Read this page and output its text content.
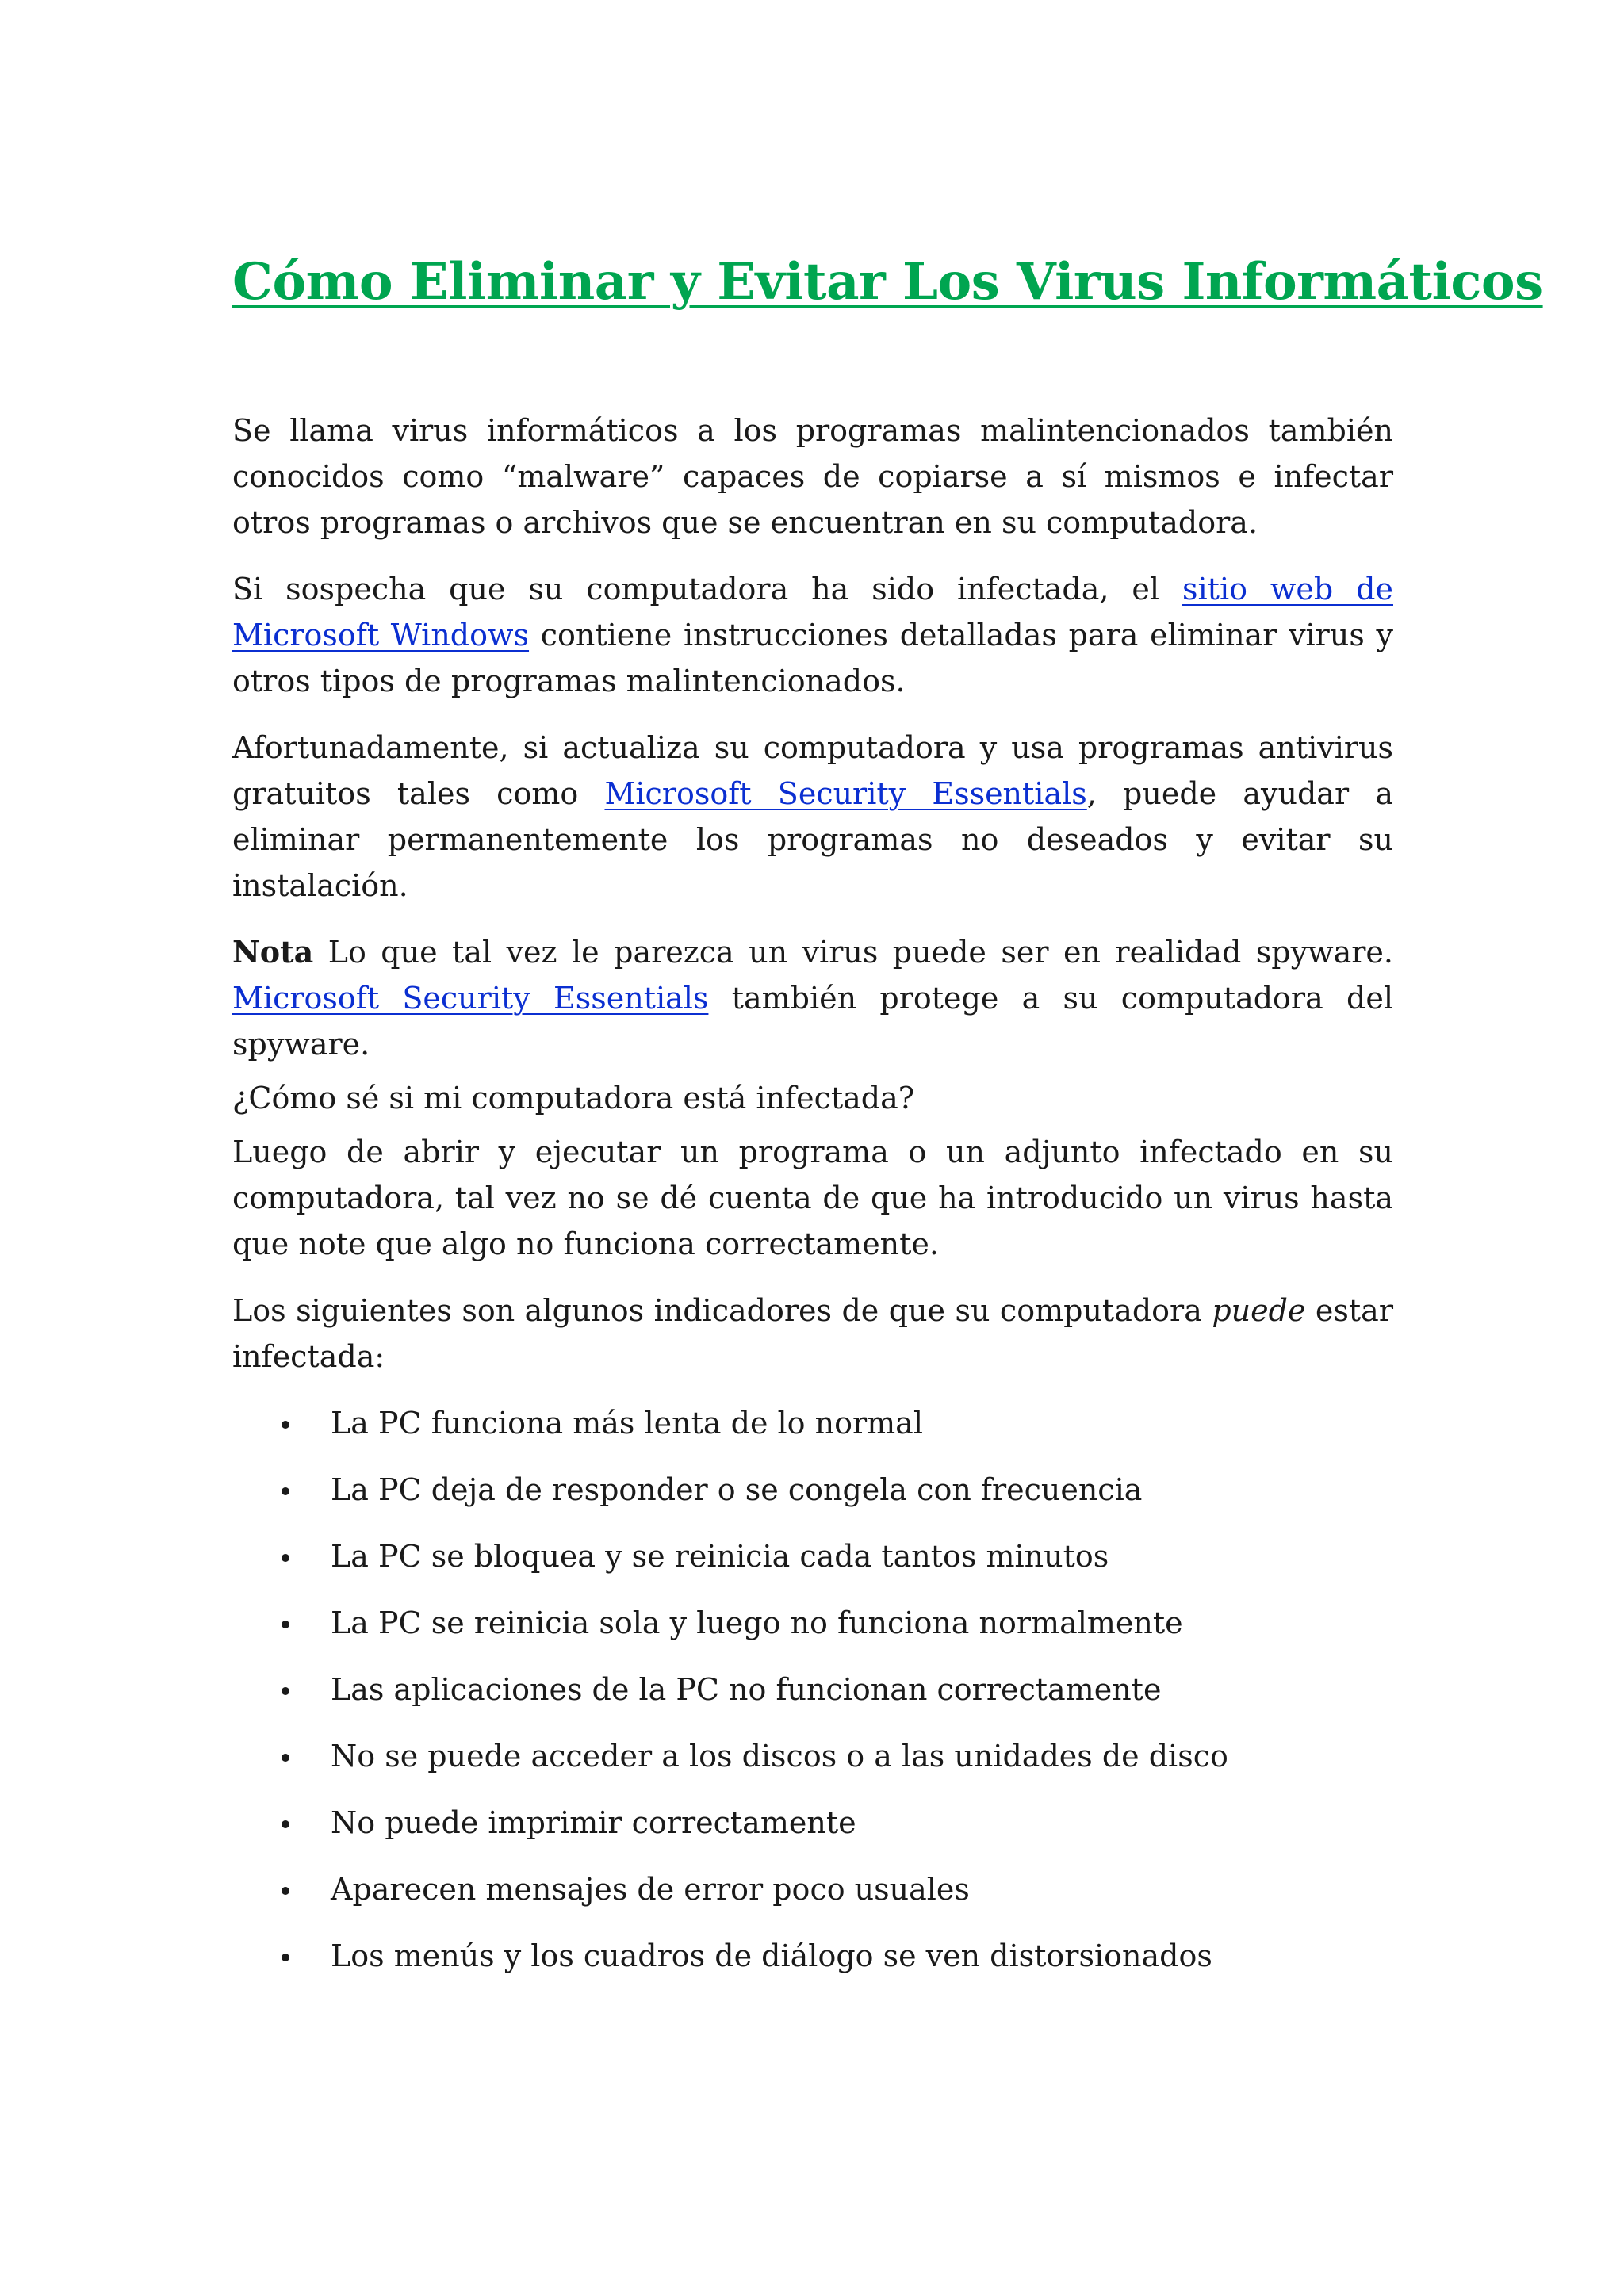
Cómo Eliminar y Evitar Los Virus Informáticos

Se llama virus informáticos a los programas malintencionados también conocidos como “malware” capaces de copiarse a sí mismos e infectar otros programas o archivos que se encuentran en su computadora.

Si sospecha que su computadora ha sido infectada, el sitio web de Microsoft Windows contiene instrucciones detalladas para eliminar virus y otros tipos de programas malintencionados.

Afortunadamente, si actualiza su computadora y usa programas antivirus gratuitos tales como Microsoft Security Essentials, puede ayudar a eliminar permanentemente los programas no deseados y evitar su instalación.

Nota Lo que tal vez le parezca un virus puede ser en realidad spyware. Microsoft Security Essentials también protege a su computadora del spyware.

¿Cómo sé si mi computadora está infectada?

Luego de abrir y ejecutar un programa o un adjunto infectado en su computadora, tal vez no se dé cuenta de que ha introducido un virus hasta que note que algo no funciona correctamente.

Los siguientes son algunos indicadores de que su computadora puede estar infectada:

La PC funciona más lenta de lo normal
La PC deja de responder o se congela con frecuencia
La PC se bloquea y se reinicia cada tantos minutos
La PC se reinicia sola y luego no funciona normalmente
Las aplicaciones de la PC no funcionan correctamente
No se puede acceder a los discos o a las unidades de disco
No puede imprimir correctamente
Aparecen mensajes de error poco usuales
Los menús y los cuadros de diálogo se ven distorsionados
